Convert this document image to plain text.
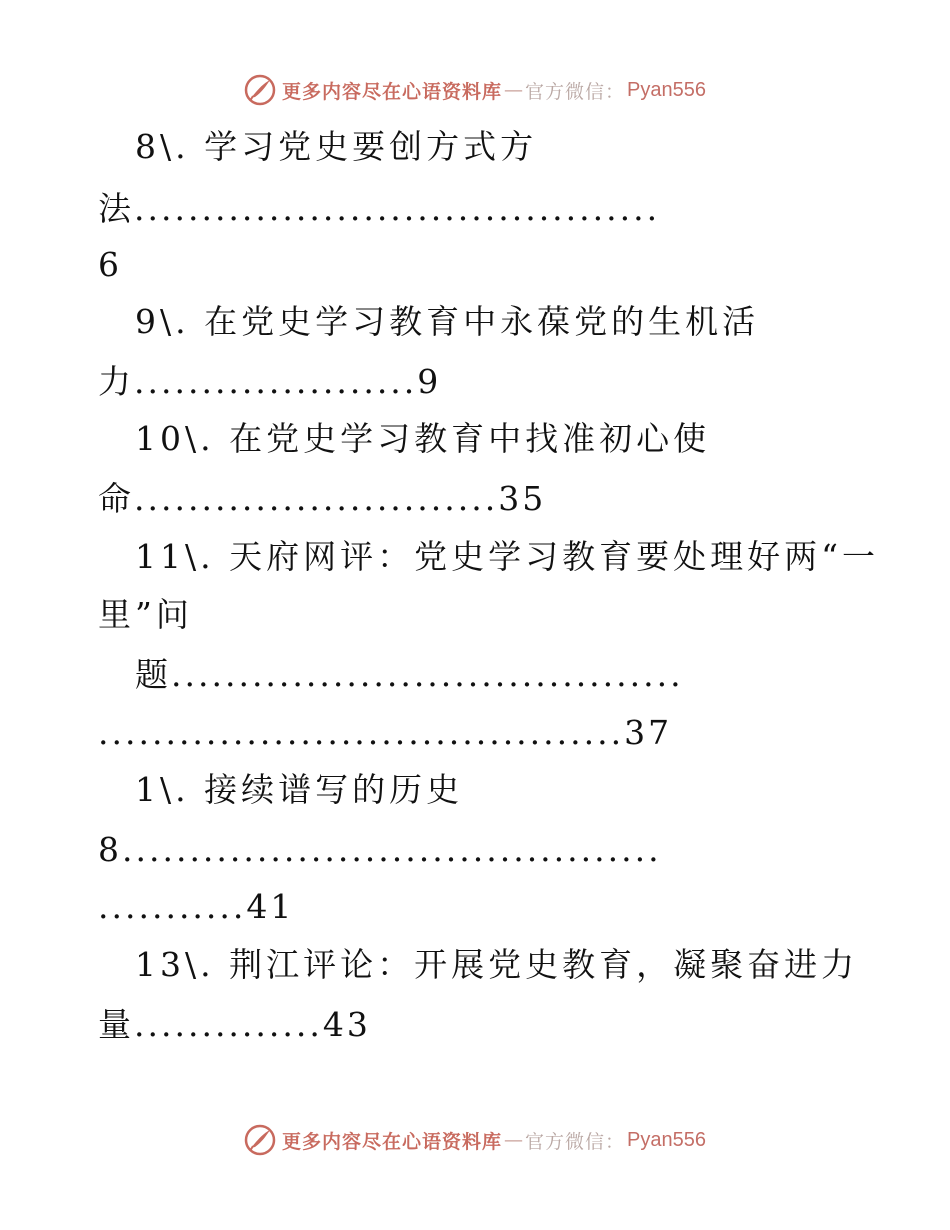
更多内容尽在心语资料库 — 官方微信： Pyan556
8\. 学习党史要创方式方
法.......................................
6
9\. 在党史学习教育中永葆党的生机活
力.....................9
10\. 在党史学习教育中找准初心使
命...........................35
11\. 天府网评：党史学习教育要处理好两“一
里”问
题......................................
.......................................37
1\. 接续谱写的历史
8........................................
...........41
13\. 荆江评论：开展党史教育，凝聚奋进力
量..............43
更多内容尽在心语资料库 — 官方微信： Pyan556
